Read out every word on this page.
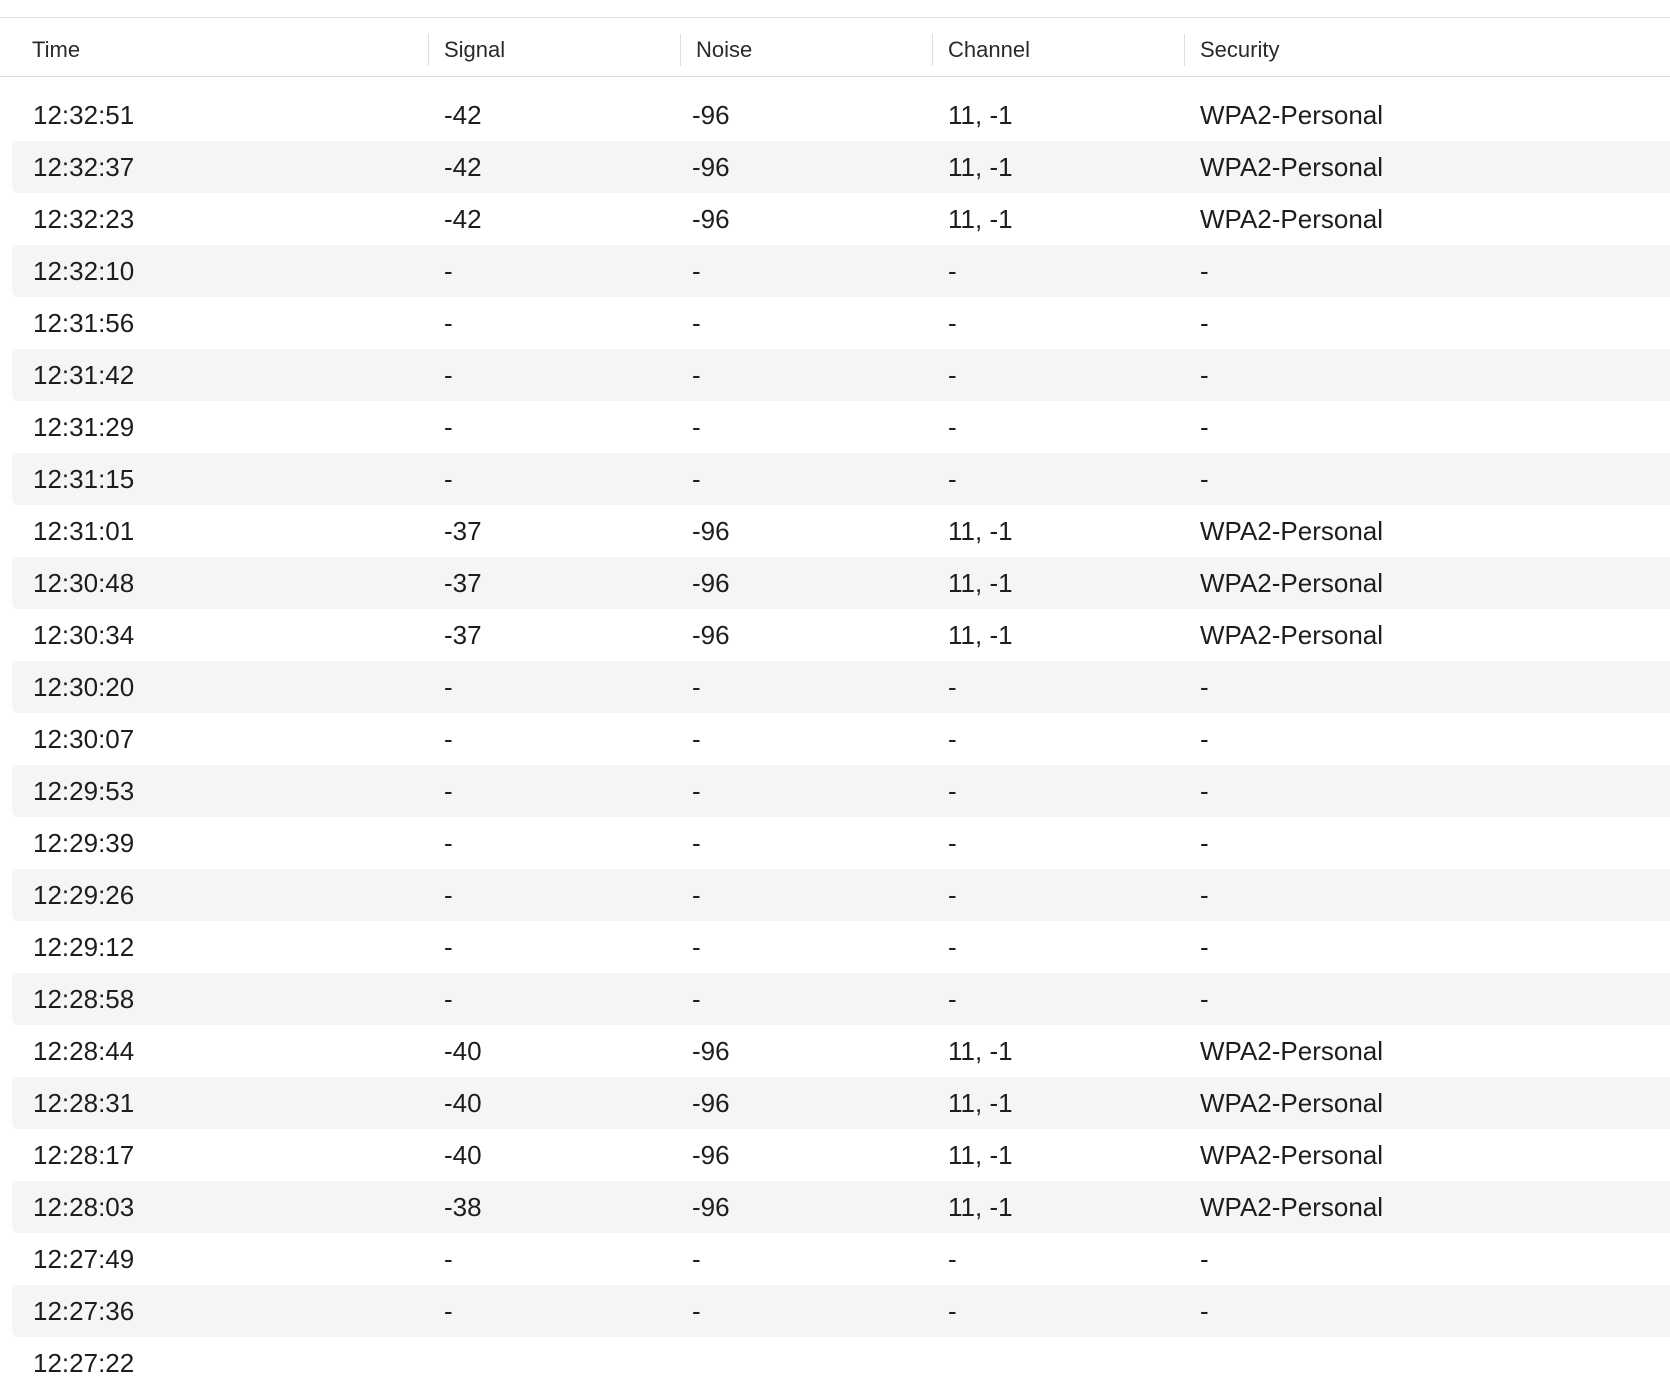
Time	Signal	Noise	Channel	Security
12:32:51	-42	-96	11, -1	WPA2-Personal
12:32:37	-42	-96	11, -1	WPA2-Personal
12:32:23	-42	-96	11, -1	WPA2-Personal
12:32:10	-	-	-	-
12:31:56	-	-	-	-
12:31:42	-	-	-	-
12:31:29	-	-	-	-
12:31:15	-	-	-	-
12:31:01	-37	-96	11, -1	WPA2-Personal
12:30:48	-37	-96	11, -1	WPA2-Personal
12:30:34	-37	-96	11, -1	WPA2-Personal
12:30:20	-	-	-	-
12:30:07	-	-	-	-
12:29:53	-	-	-	-
12:29:39	-	-	-	-
12:29:26	-	-	-	-
12:29:12	-	-	-	-
12:28:58	-	-	-	-
12:28:44	-40	-96	11, -1	WPA2-Personal
12:28:31	-40	-96	11, -1	WPA2-Personal
12:28:17	-40	-96	11, -1	WPA2-Personal
12:28:03	-38	-96	11, -1	WPA2-Personal
12:27:49	-	-	-	-
12:27:36	-	-	-	-
12:27:22
